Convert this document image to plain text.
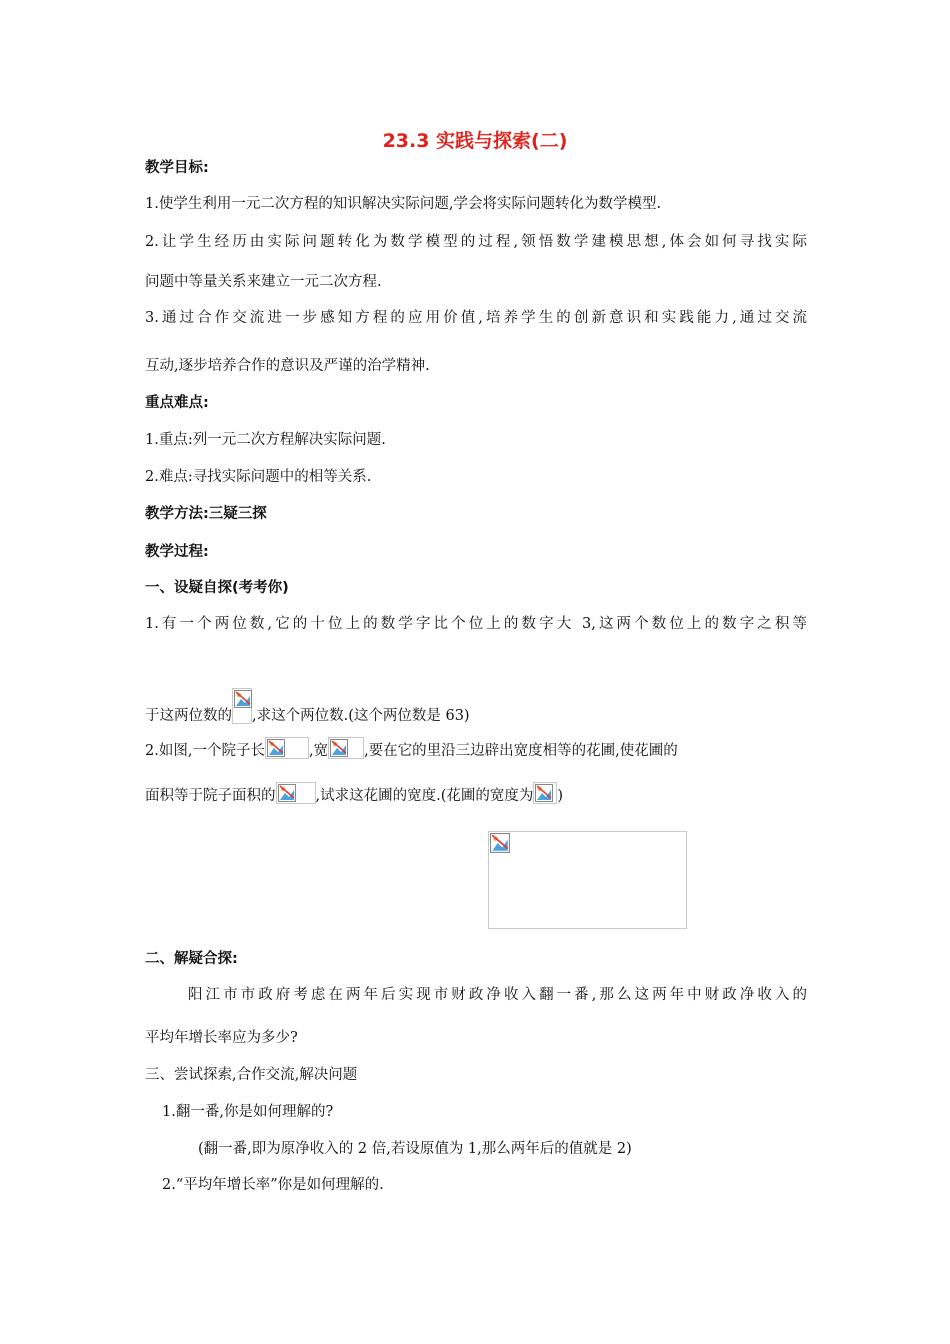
23.3 实践与探索(二)
教学目标:
1.使学生利用一元二次方程的知识解决实际问题,学会将实际问题转化为数学模型.
2.让学生经历由实际问题转化为数学模型的过程,领悟数学建模思想,体会如何寻找实际
问题中等量关系来建立一元二次方程.
3.通过合作交流进一步感知方程的应用价值,培养学生的创新意识和实践能力,通过交流
互动,逐步培养合作的意识及严谨的治学精神.
重点难点:
1.重点:列一元二次方程解决实际问题.
2.难点:寻找实际问题中的相等关系.
教学方法:三疑三探
教学过程:
一、设疑自探(考考你)
1.有一个两位数,它的十位上的数学字比个位上的数字大 3,这两个数位上的数字之积等
于这两位数的 ,求这个两位数.(这个两位数是 63)
2.如图,一个院子长	,宽 ,要在它的里沿三边辟出宽度相等的花圃,使花圃的
面积等于院子面积的	,试求这花圃的宽度.(花圃的宽度为 )
二、解疑合探:
阳江市市政府考虑在两年后实现市财政净收入翻一番,那么这两年中财政净收入的
平均年增长率应为多少?
三、尝试探索,合作交流,解决问题
1.翻一番,你是如何理解的?
(翻一番,即为原净收入的 2 倍,若设原值为 1,那么两年后的值就是 2)
2.“平均年增长率”你是如何理解的.
